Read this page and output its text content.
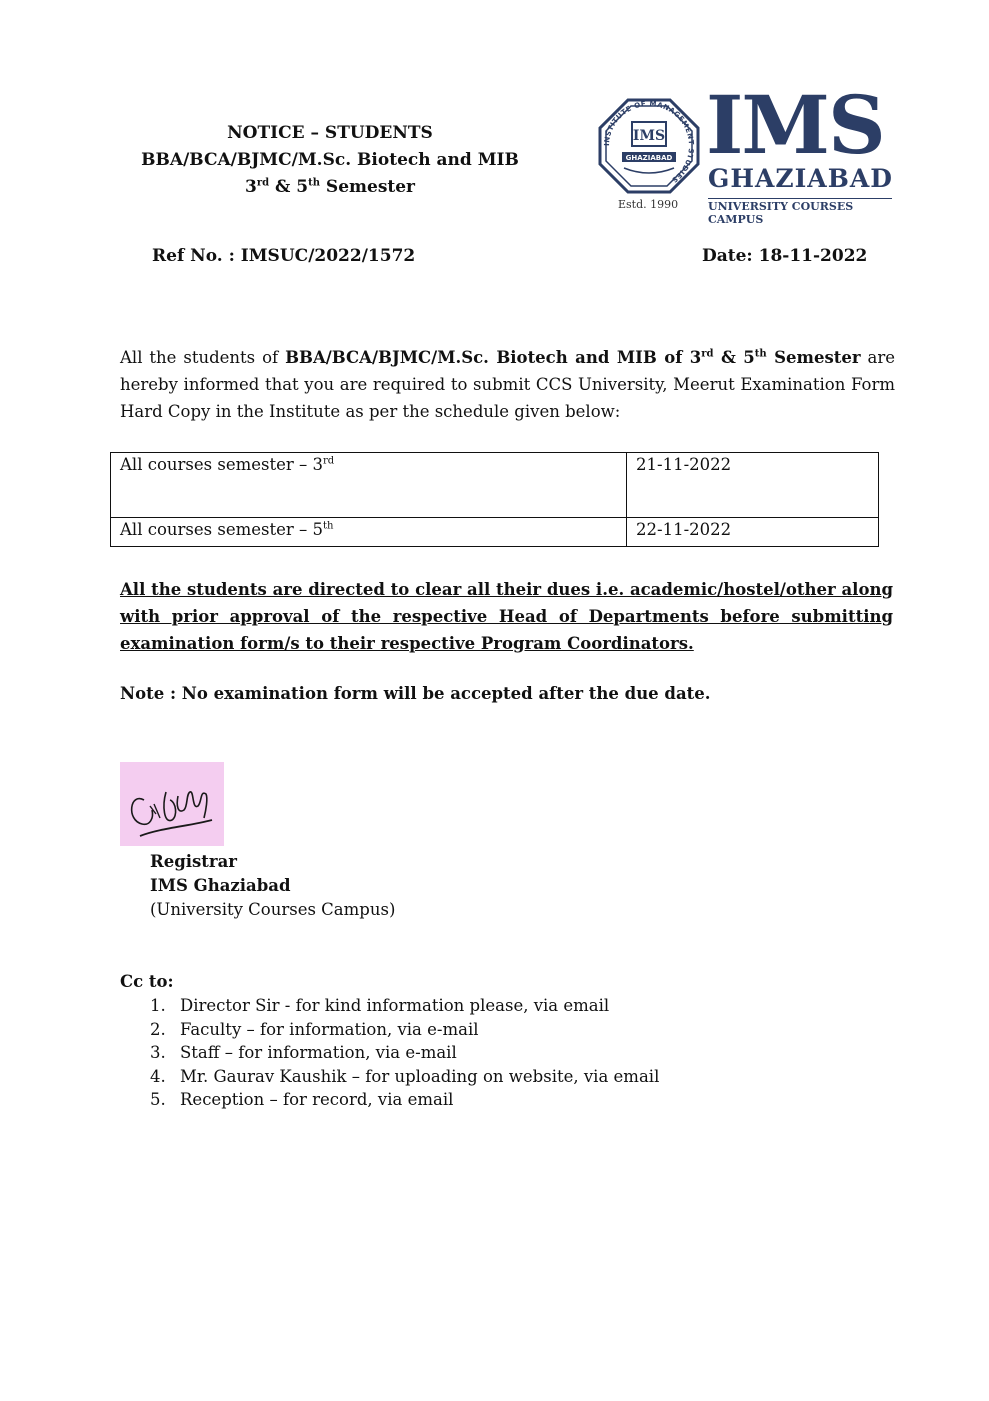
NOTICE – STUDENTS
BBA/BCA/BJMC/M.Sc. Biotech and MIB
3rd & 5th Semester
INSTITUTE OF MANAGEMENT STUDIES
IMS
GHAZIABAD
Estd. 1990
IMS
GHAZIABAD
UNIVERSITY COURSES CAMPUS
Ref No. : IMSUC/2022/1572	Date: 18-11-2022
All the students of BBA/BCA/BJMC/M.Sc. Biotech and MIB of 3rd & 5th Semester are hereby informed that you are required to submit CCS University, Meerut Examination Form Hard Copy in the Institute as per the schedule given below:
All courses semester – 3rd	21-11-2022
All courses semester – 5th	22-11-2022
All the students are directed to clear all their dues i.e. academic/hostel/other along with prior approval of the respective Head of Departments before submitting examination form/s to their respective Program Coordinators.
Note : No examination form will be accepted after the due date.
Registrar
IMS Ghaziabad
(University Courses Campus)
Cc to:
1. Director Sir - for kind information please, via email
2. Faculty – for information, via e-mail
3. Staff – for information, via e-mail
4. Mr. Gaurav Kaushik – for uploading on website, via email
5. Reception – for record, via email
